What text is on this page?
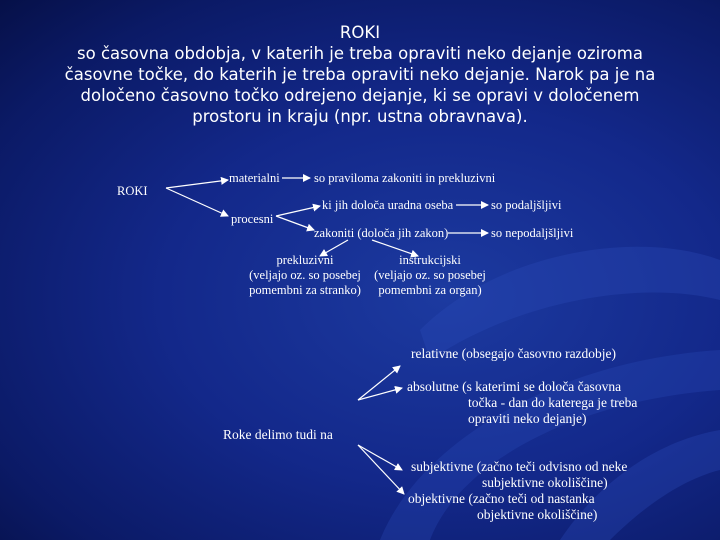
ROKI
so časovna obdobja, v katerih je treba opraviti neko dejanje oziroma
časovne točke, do katerih je treba opraviti neko dejanje. Narok pa je na
določeno časovno točko odrejeno dejanje, ki se opravi v določenem
prostoru in kraju (npr. ustna obravnava).
ROKI
materialni	so praviloma zakoniti in prekluzivni
procesni
ki jih določa uradna oseba	so podaljšljivi
zakoniti (določa jih zakon)	so nepodaljšljivi
prekluzivni
(veljajo oz. so posebej
pomembni za stranko)
instrukcijski
(veljajo oz. so posebej
pomembni za organ)
Roke delimo tudi na
relativne (obsegajo časovno razdobje)
absolutne (s katerimi se določa časovna
točka - dan do katerega je treba
opraviti neko dejanje)
subjektivne (začno teči odvisno od neke
subjektivne okoliščine)
objektivne (začno teči od nastanka
objektivne okoliščine)
